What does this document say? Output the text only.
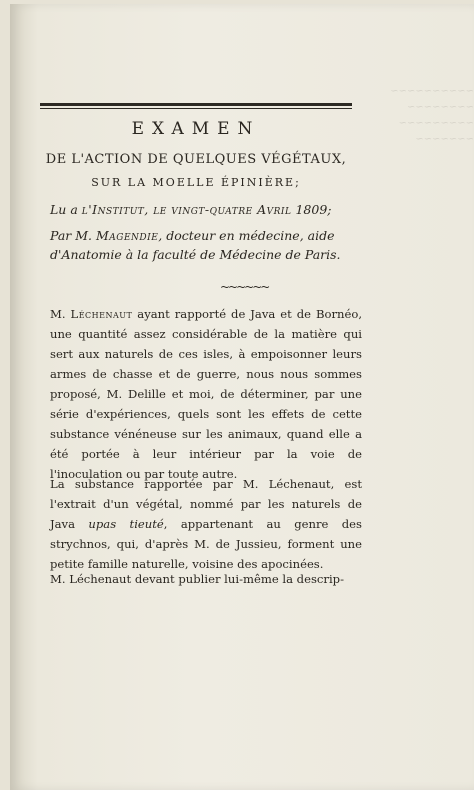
~~~~~~~~~~
~~~~~~~~
~~~~~~~~~
~~~~~~~
EXAMEN
DE L'ACTION DE QUELQUES VÉGÉTAUX,
SUR LA MOELLE ÉPINIÈRE;
Lu a l'Institut, le vingt-quatre Avril 1809;
Par M. Magendie, docteur en médecine, aide d'Anatomie à la faculté de Médecine de Paris.
~~~~~~
M. Léchenaut ayant rapporté de Java et de Bornéo, une quantité assez considérable de la matière qui sert aux naturels de ces isles, à empoisonner leurs armes de chasse et de guerre, nous nous sommes proposé, M. Delille et moi, de déterminer, par une série d'expériences, quels sont les effets de cette substance vénéneuse sur les animaux, quand elle a été portée à leur intérieur par la voie de l'inoculation ou par toute autre.
La substance rapportée par M. Léchenaut, est l'extrait d'un végétal, nommé par les naturels de Java upas tieuté, appartenant au genre des strychnos, qui, d'après M. de Jussieu, forment une petite famille naturelle, voisine des apocinées.
M. Léchenaut devant publier lui-même la descrip-
